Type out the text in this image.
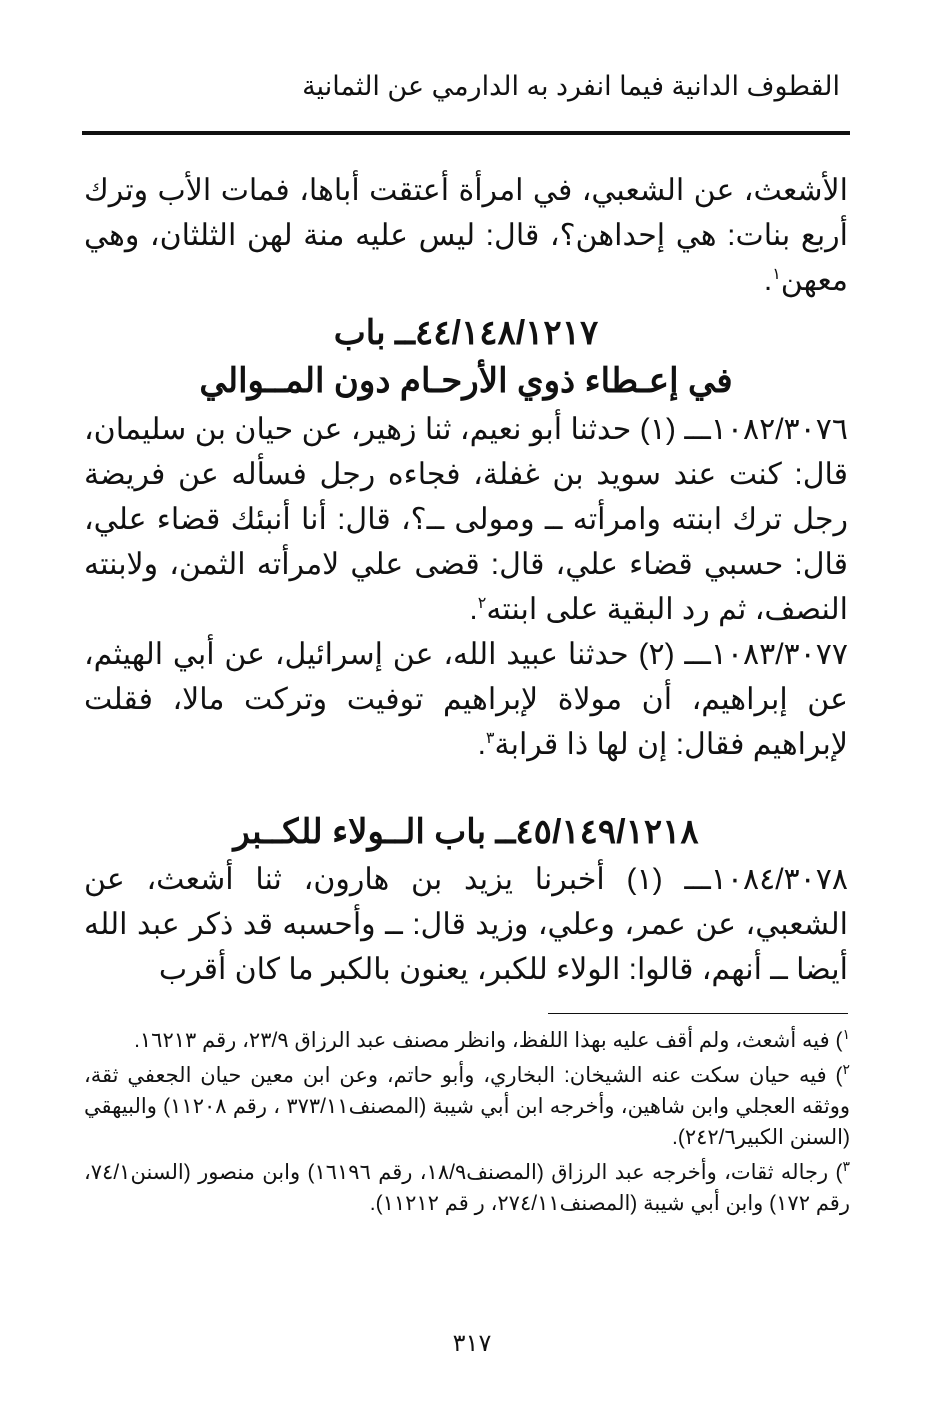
القطوف الدانية فيما انفرد به الدارمي عن الثمانية

الأشعث، عن الشعبي، في امرأة أعتقت أباها، فمات الأب وترك أربع بنات: هي إحداهن؟، قال: ليس عليه منة لهن الثلثان، وهي معهن$^١$.

٤٤/١٤٨/١٢١٧ــ باب
في إعـطاء ذوي الأرحـام دون المــوالي

١٠٨٢/٣٠٧٦ـــ (١) حدثنا أبو نعيم، ثنا زهير، عن حيان بن سليمان، قال: كنت عند سويد بن غفلة، فجاءه رجل فسأله عن فريضة رجل ترك ابنته وامرأته ــ ومولى ــ؟، قال: أنا أنبئك قضاء علي، قال: حسبي قضاء علي، قال: قضى علي لامرأته الثمن، ولابنته النصف، ثم رد البقية على ابنته$^٢$.

١٠٨٣/٣٠٧٧ـــ (٢) حدثنا عبيد الله، عن إسرائيل، عن أبي الهيثم، عن إبراهيم، أن مولاة لإبراهيم توفيت وتركت مالا، فقلت لإبراهيم فقال: إن لها ذا قرابة$^٣$.

٤٥/١٤٩/١٢١٨ــ باب الــولاء للكــبر

١٠٨٤/٣٠٧٨ـــ (١) أخبرنا يزيد بن هارون، ثنا أشعث، عن الشعبي، عن عمر، وعلي، وزيد قال: ــ وأحسبه قد ذكر عبد الله أيضا ــ أنهم، قالوا: الولاء للكبر، يعنون بالكبر ما كان أقرب

$^١$) فيه أشعث، ولم أقف عليه بهذا اللفظ، وانظر مصنف عبد الرزاق ٢٣/٩، رقم ١٦٢١٣.

$^٢$) فيه حيان سكت عنه الشيخان: البخاري، وأبو حاتم، وعن ابن معين حيان الجعفي ثقة، ووثقه العجلي وابن شاهين، وأخرجه ابن أبي شيبة (المصنف٣٧٣/١١ ، رقم ١١٢٠٨) والبيهقي (السنن الكبير٢٤٢/٦).

$^٣$) رجاله ثقات، وأخرجه عبد الرزاق (المصنف١٨/٩، رقم ١٦١٩٦) وابن منصور (السنن٧٤/١، رقم ١٧٢) وابن أبي شيبة (المصنف٢٧٤/١١، ر قم ١١٢١٢).

٣١٧
